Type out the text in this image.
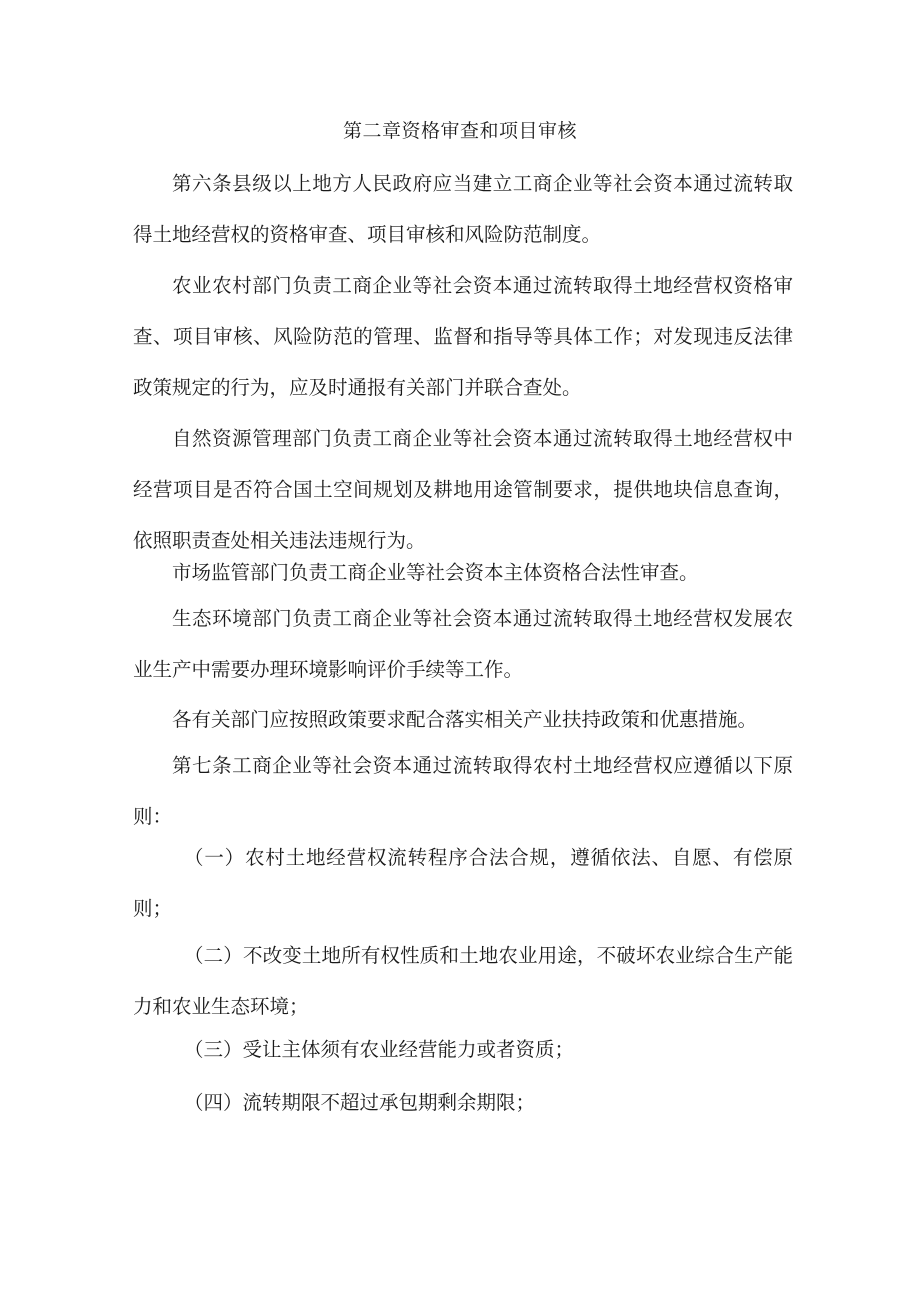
第二章资格审查和项目审核

第六条县级以上地方人民政府应当建立工商企业等社会资本通过流转取得土地经营权的资格审查、项目审核和风险防范制度。

农业农村部门负责工商企业等社会资本通过流转取得土地经营权资格审查、项目审核、风险防范的管理、监督和指导等具体工作；对发现违反法律政策规定的行为，应及时通报有关部门并联合查处。

自然资源管理部门负责工商企业等社会资本通过流转取得土地经营权中经营项目是否符合国土空间规划及耕地用途管制要求，提供地块信息查询，依照职责查处相关违法违规行为。

市场监管部门负责工商企业等社会资本主体资格合法性审查。

生态环境部门负责工商企业等社会资本通过流转取得土地经营权发展农业生产中需要办理环境影响评价手续等工作。

各有关部门应按照政策要求配合落实相关产业扶持政策和优惠措施。

第七条工商企业等社会资本通过流转取得农村土地经营权应遵循以下原则：

（一）农村土地经营权流转程序合法合规，遵循依法、自愿、有偿原则；

（二）不改变土地所有权性质和土地农业用途，不破坏农业综合生产能力和农业生态环境；

（三）受让主体须有农业经营能力或者资质；

（四）流转期限不超过承包期剩余期限；
